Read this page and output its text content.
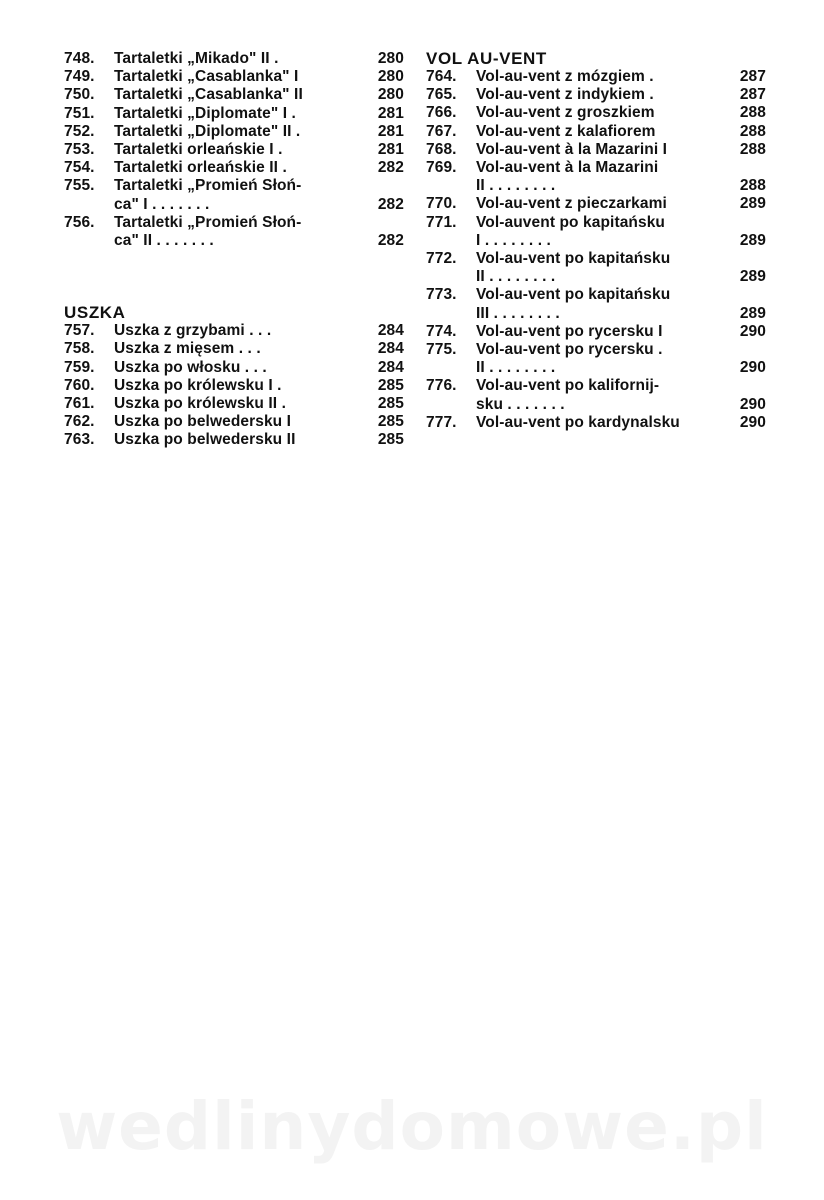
748.	Tartaletki „Mikado" II .	280
749.	Tartaletki „Casablanka" I	280
750.	Tartaletki „Casablanka" II	280
751.	Tartaletki „Diplomate" I .	281
752.	Tartaletki „Diplomate" II .	281
753.	Tartaletki orleańskie I .	281
754.	Tartaletki orleańskie II .	282
755.	Tartaletki „Promień Słoń-
ca" I . . . . . . .	282
756.	Tartaletki „Promień Słoń-
ca" II . . . . . . .	282
USZKA
757.	Uszka z grzybami . . .	284
758.	Uszka z mięsem . . .	284
759.	Uszka po włosku . . .	284
760.	Uszka po królewsku I .	285
761.	Uszka po królewsku II .	285
762.	Uszka po belwedersku I	285
763.	Uszka po belwedersku II	285
VOL AU-VENT
764.	Vol-au-vent z mózgiem .	287
765.	Vol-au-vent z indykiem .	287
766.	Vol-au-vent z groszkiem	288
767.	Vol-au-vent z kalafiorem	288
768.	Vol-au-vent à la Mazarini I	288
769.	Vol-au-vent à la Mazarini
II . . . . . . . .	288
770.	Vol-au-vent z pieczarkami	289
771.	Vol-auvent po kapitańsku
I . . . . . . . .	289
772.	Vol-au-vent po kapitańsku
II . . . . . . . .	289
773.	Vol-au-vent po kapitańsku
III . . . . . . . .	289
774.	Vol-au-vent po rycersku I	290
775.	Vol-au-vent po rycersku .
II . . . . . . . .	290
776.	Vol-au-vent po kalifornij-
sku . . . . . . .	290
777.	Vol-au-vent po kardynalsku	290
wedlinydomowe.pl
